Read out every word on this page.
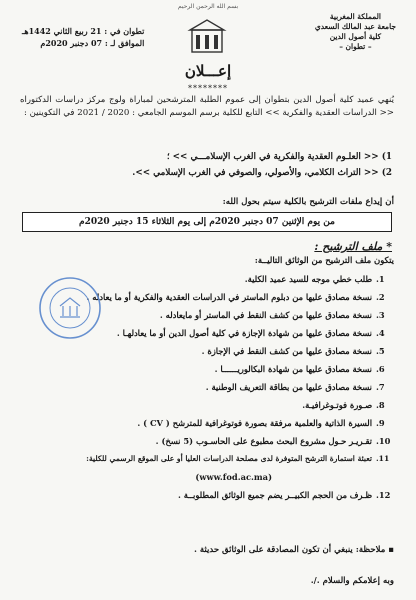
بسم الله الرحمن الرحيم
المملكة المغربية
جامعة عبد المالك السعدي
كلية أصول الدين
– تطوان –
تطوان في : 21 ربيع الثاني 1442هـ
الموافق لـ : 07 دجنبر 2020م
إعـــلان
********
يُنهي عميد كلية أصول الدين بتطوان إلى عموم الطلبة المترشحين لمباراة ولوج مركز دراسات الدكتوراه << الدراسات العقدية والفكرية >> التابع للكلية برسم الموسم الجامعي : 2020 / 2021 في التكوينين :
1) << العلـوم العقدية والفكرية في الغرب الإسلامـــي >> ؛
2) << التراث الكلامي، والأصولي، والصوفي في الغرب الإسلامي >>.
أن إيداع ملفات الترشيح بالكلية سيتم بحول الله:
من يوم الإثنين 07 دجنبر 2020م إلى يوم الثلاثاء 15 دجنبر 2020م
* ملف الترشيح :
يتكون ملف الترشيح من الوثائق التاليــة:
1.
طلب خطي موجه للسيد عميد الكلية.
2.
نسخة مصادق عليها من دبلوم الماستر في الدراسات العقدية والفكرية أو ما يعادله .
3.
نسخة مصادق عليها من كشف النقط في الماستر أو مايعادله .
4.
نسخة مصادق عليها من شهادة الإجازة في كلية أصول الدين أو ما يعادلهـا .
5.
نسخة مصادق عليها من كشف النقط في الإجازة .
6.
نسخة مصادق عليها من شهادة البكالوريــــــا .
7.
نسخة مصادق عليها من بطاقة التعريف الوطنية .
8.
صـورة فوتـوغرافيـة.
9.
السيرة الذاتية والعلمية مرفقة بصورة فوتوغرافية للمترشح ( CV ) .
10.
تقـريـر حـول مشروع البحث مطبوع على الحاسـوب (5 نسخ) .
11.
تعبئة استمارة الترشح المتوفرة لدى مصلحة الدراسات العليا أو على الموقع الرسمي للكلية:
(www.fod.ac.ma)
12.
ظـرف من الحجم الكبيــر يضم جميع الوثائق المطلوبــة .
▪ ملاحظة: ينبغي أن تكون المصادقة على الوثائق حديثة .
وبه إعلامكم والسلام ./.
